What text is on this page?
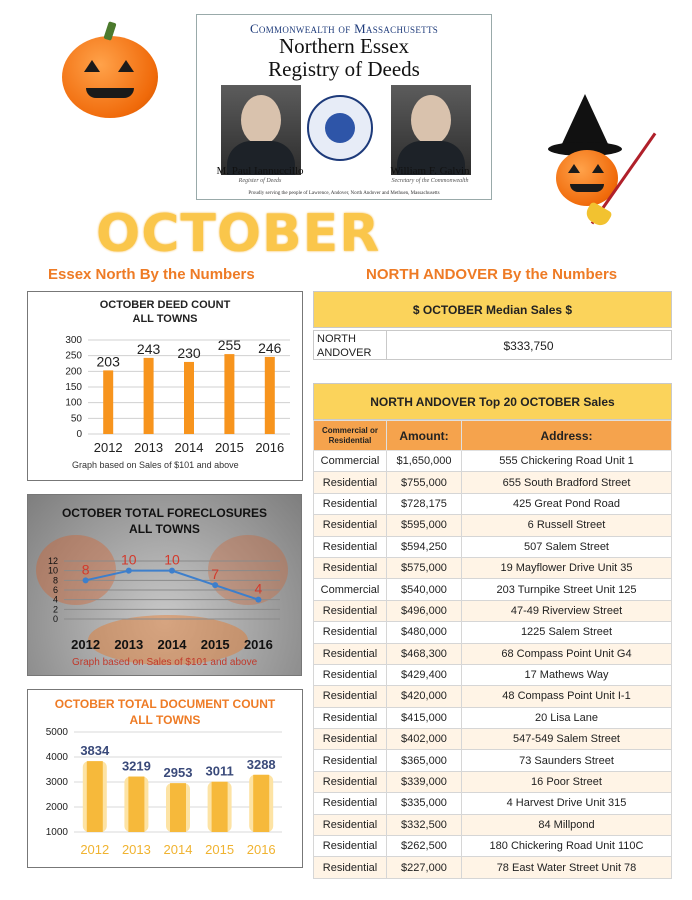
Commonwealth of Massachusetts
Northern Essex
Registry of Deeds
M. Paul Iannuccillo
Register of Deeds
William F. Galvin
Secretary of the Commonwealth
Proudly serving the people of Lawrence, Andover, North Andover and Methuen, Massachusetts
OCTOBER
Essex North By the Numbers	NORTH ANDOVER By the Numbers
OCTOBER DEED COUNT
ALL TOWNS
0
50
100
150
200
250
300
203
2012
243
2013
230
2014
255
2015
246
2016
Graph based on Sales of $101 and above
OCTOBER TOTAL FORECLOSURES
ALL TOWNS
0
2
4
6
8
10
12
8
2012
10
2013
10
2014
7
2015
4
2016
Graph based on Sales of $101 and above
OCTOBER TOTAL DOCUMENT COUNT
ALL TOWNS
1000
2000
3000
4000
5000
3834
2012
3219
2013
2953
2014
3011
2015
3288
2016
$ OCTOBER Median Sales $
NORTH ANDOVER	$333,750
NORTH ANDOVER Top 20 OCTOBER Sales
Commercial or Residential	Amount:	Address:
Commercial	$1,650,000	555 Chickering Road Unit 1
Residential	$755,000	655 South Bradford Street
Residential	$728,175	425 Great Pond Road
Residential	$595,000	6 Russell Street
Residential	$594,250	507 Salem Street
Residential	$575,000	19 Mayflower Drive Unit 35
Commercial	$540,000	203 Turnpike Street Unit 125
Residential	$496,000	47-49 Riverview Street
Residential	$480,000	1225 Salem Street
Residential	$468,300	68 Compass Point Unit G4
Residential	$429,400	17 Mathews Way
Residential	$420,000	48 Compass Point Unit I-1
Residential	$415,000	20 Lisa Lane
Residential	$402,000	547-549 Salem Street
Residential	$365,000	73 Saunders Street
Residential	$339,000	16 Poor Street
Residential	$335,000	4 Harvest Drive Unit 315
Residential	$332,500	84 Millpond
Residential	$262,500	180 Chickering Road Unit 110C
Residential	$227,000	78 East Water Street Unit 78
